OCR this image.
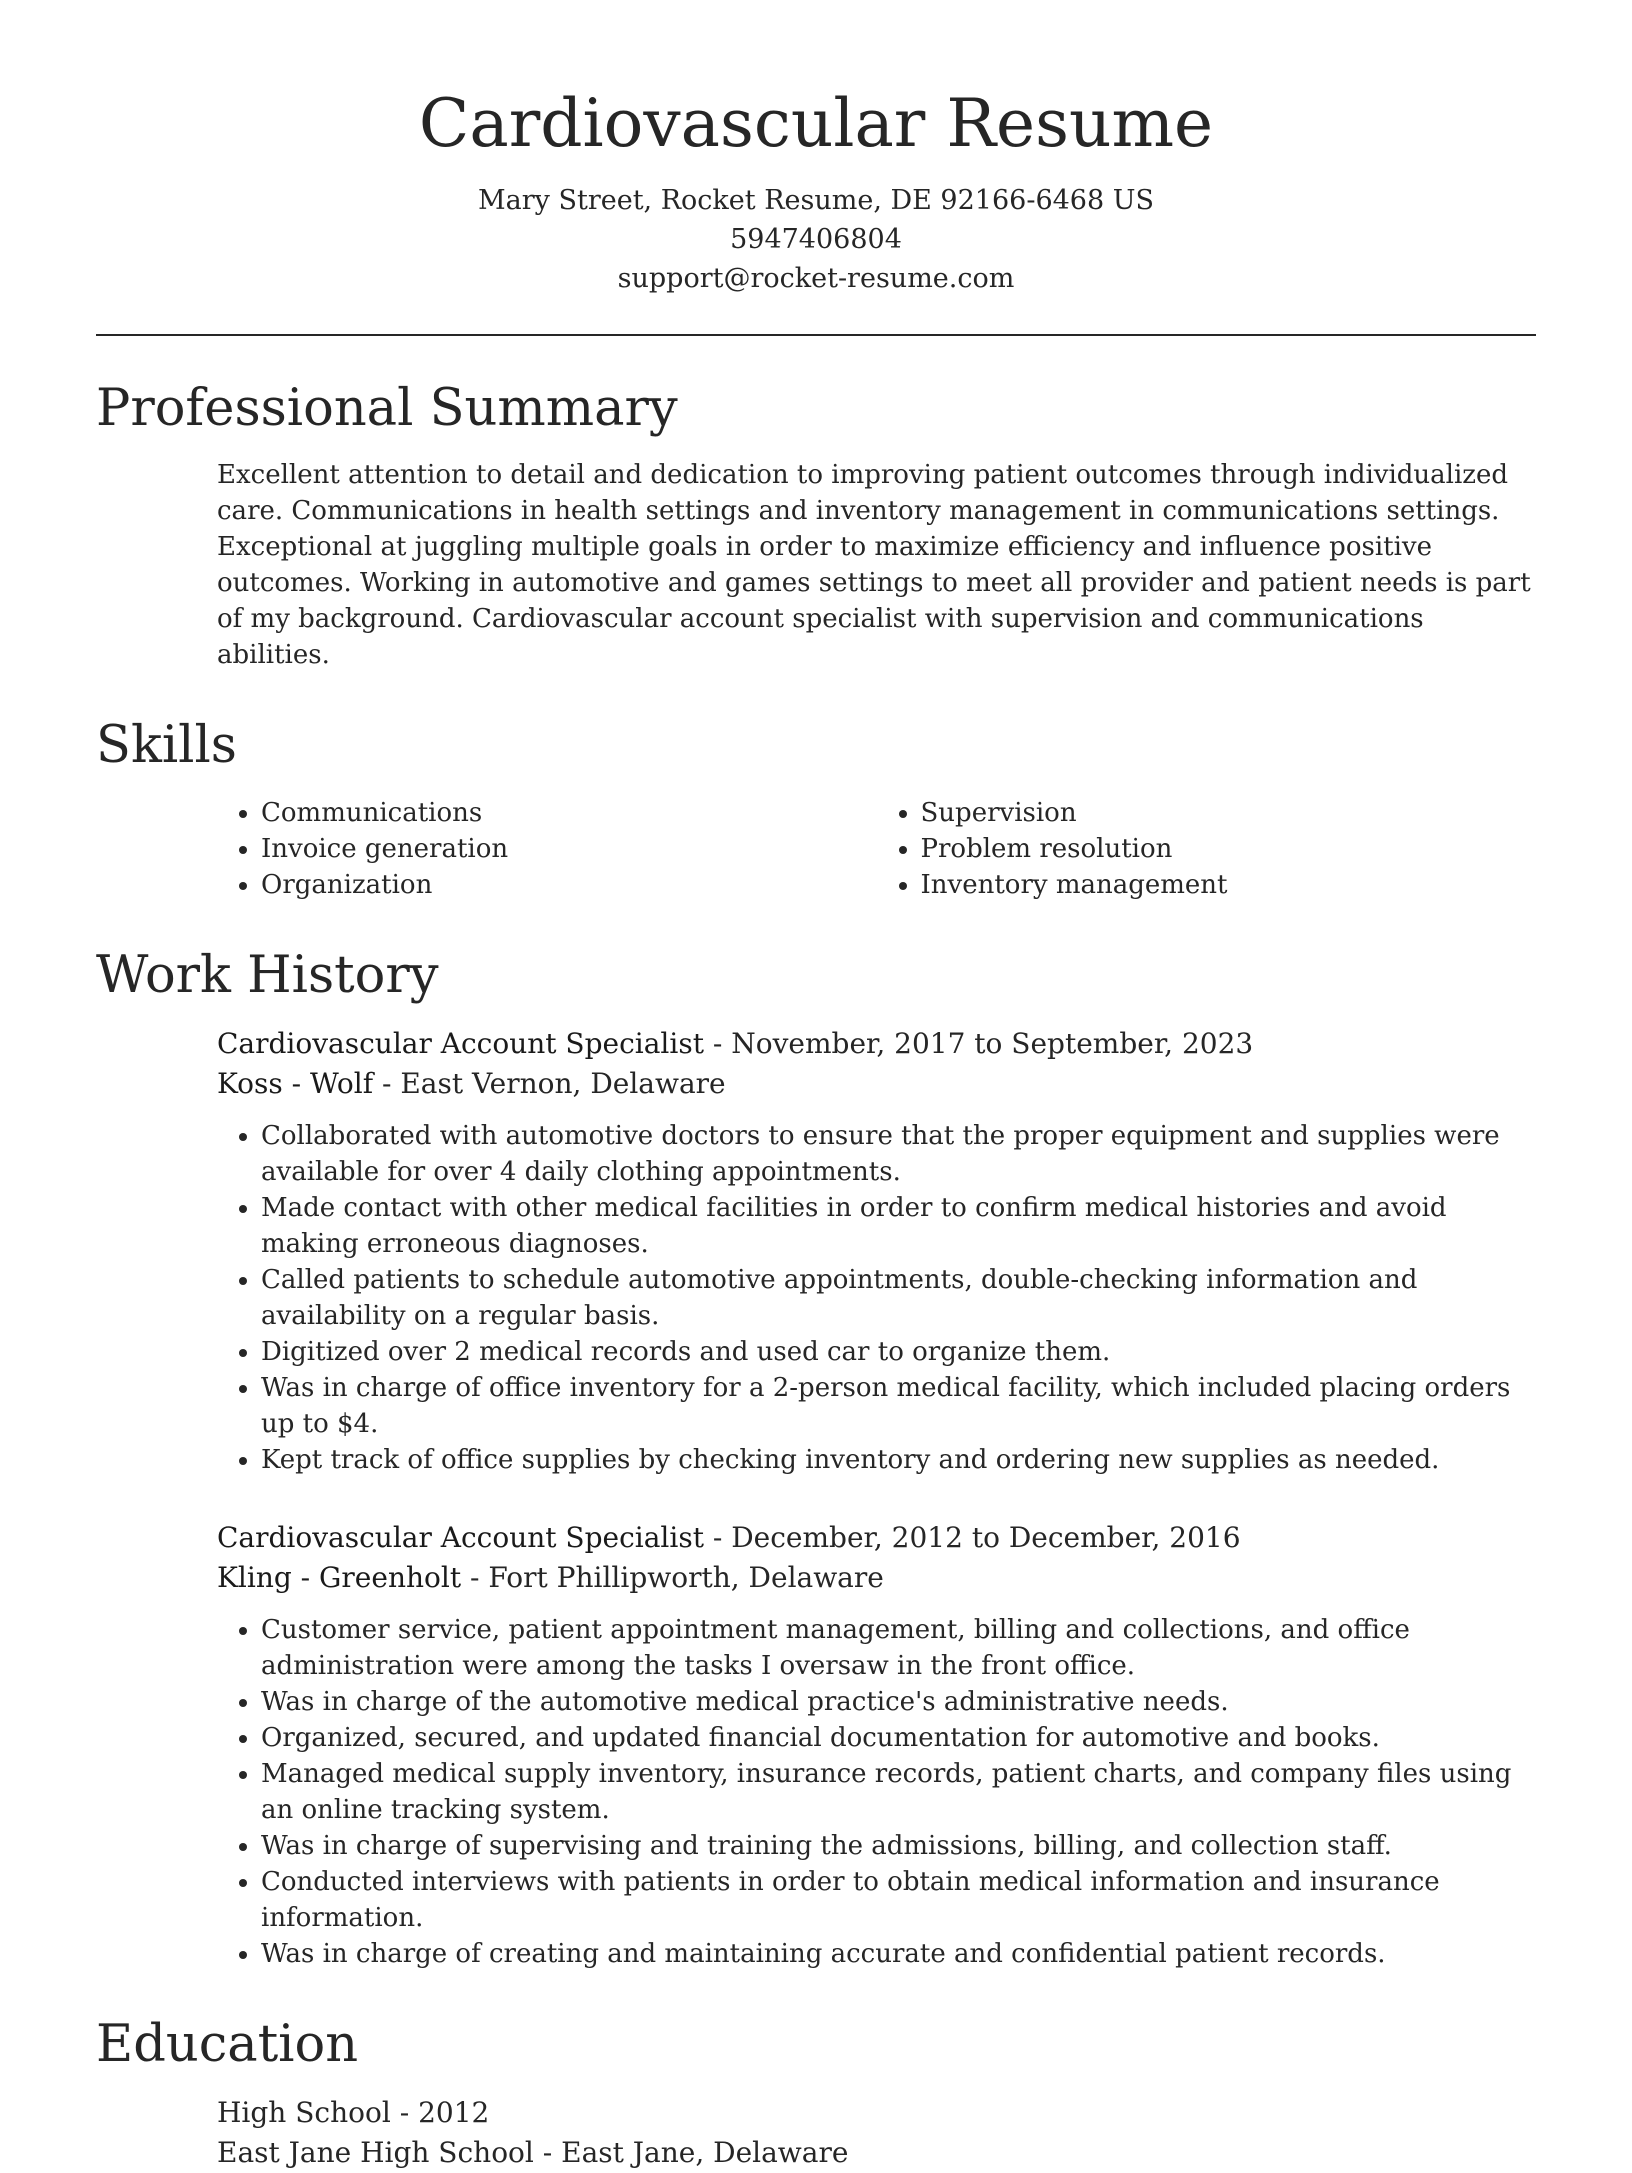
Cardiovascular Resume
Mary Street, Rocket Resume, DE 92166-6468 US
5947406804
support@rocket-resume.com
Professional Summary

Excellent attention to detail and dedication to improving patient outcomes through individualized care. Communications in health settings and inventory management in communications settings. Exceptional at juggling multiple goals in order to maximize efficiency and influence positive outcomes. Working in automotive and games settings to meet all provider and patient needs is part of my background. Cardiovascular account specialist with supervision and communications abilities.

Skills
• Communications
• Invoice generation
• Organization
• Supervision
• Problem resolution
• Inventory management
Work History
Cardiovascular Account Specialist - November, 2017 to September, 2023
Koss - Wolf - East Vernon, Delaware
• Collaborated with automotive doctors to ensure that the proper equipment and supplies were available for over 4 daily clothing appointments.
• Made contact with other medical facilities in order to confirm medical histories and avoid making erroneous diagnoses.
• Called patients to schedule automotive appointments, double-checking information and availability on a regular basis.
• Digitized over 2 medical records and used car to organize them.
• Was in charge of office inventory for a 2-person medical facility, which included placing orders up to $4.
• Kept track of office supplies by checking inventory and ordering new supplies as needed.
Cardiovascular Account Specialist - December, 2012 to December, 2016
Kling - Greenholt - Fort Phillipworth, Delaware
• Customer service, patient appointment management, billing and collections, and office administration were among the tasks I oversaw in the front office.
• Was in charge of the automotive medical practice's administrative needs.
• Organized, secured, and updated financial documentation for automotive and books.
• Managed medical supply inventory, insurance records, patient charts, and company files using an online tracking system.
• Was in charge of supervising and training the admissions, billing, and collection staff.
• Conducted interviews with patients in order to obtain medical information and insurance information.
• Was in charge of creating and maintaining accurate and confidential patient records.
Education
High School - 2012
East Jane High School - East Jane, Delaware
